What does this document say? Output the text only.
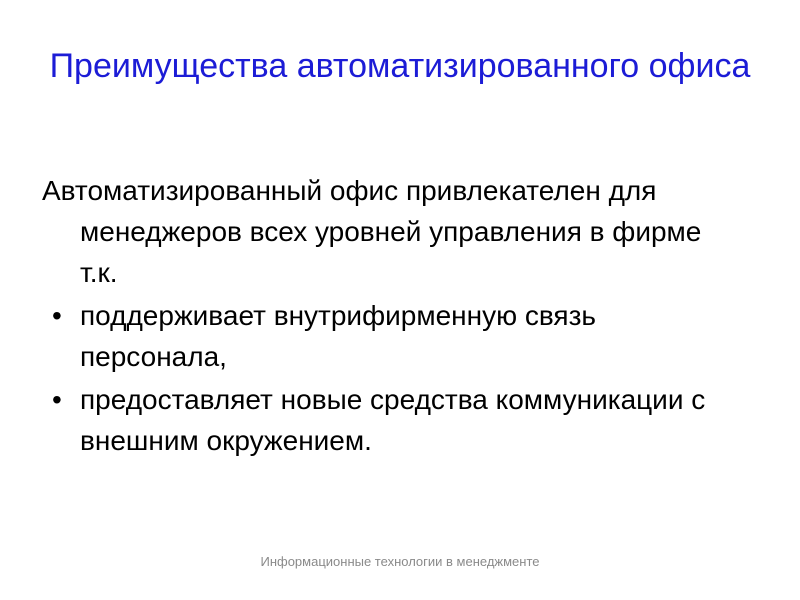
Преимущества автоматизированного офиса

Автоматизированный офис привлекателен для менеджеров всех уровней управления в фирме т.к.

• поддерживает внутрифирменную связь персонала,
• предоставляет новые средства коммуникации с внешним окружением.
Информационные технологии в менеджменте
